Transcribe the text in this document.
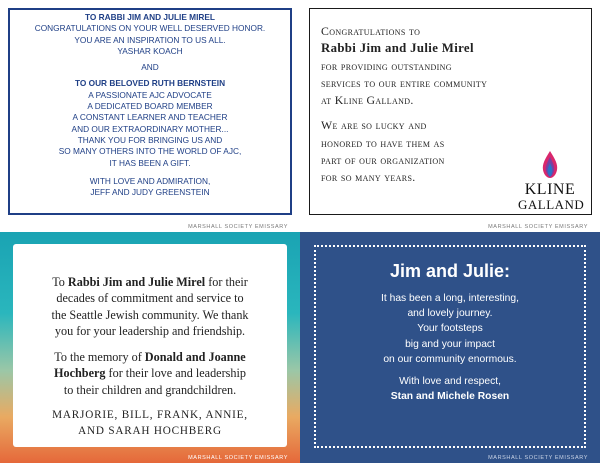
TO RABBI JIM AND JULIE MIREL
CONGRATULATIONS ON YOUR WELL DESERVED HONOR.
YOU ARE AN INSPIRATION TO US ALL.
YASHAR KOACH
AND
TO OUR BELOVED RUTH BERNSTEIN
A PASSIONATE AJC ADVOCATE
A DEDICATED BOARD MEMBER
A CONSTANT LEARNER AND TEACHER
AND OUR EXTRAORDINARY MOTHER...
THANK YOU FOR BRINGING US AND
SO MANY OTHERS INTO THE WORLD OF AJC,
IT HAS BEEN A GIFT.
WITH LOVE AND ADMIRATION,
JEFF AND JUDY GREENSTEIN
MARSHALL SOCIETY EMISSARY
Congratulations to
Rabbi Jim and Julie Mirel
for providing outstanding
services to our entire community
at Kline Galland.
We are so lucky and
honored to have them as
part of our organization
for so many years.
KLINE
GALLAND
MARSHALL SOCIETY EMISSARY
To Rabbi Jim and Julie Mirel for their
decades of commitment and service to
the Seattle Jewish community. We thank
you for your leadership and friendship.
To the memory of Donald and Joanne
Hochberg for their love and leadership
to their children and grandchildren.
MARJORIE, BILL, FRANK, ANNIE,
AND SARAH HOCHBERG
MARSHALL SOCIETY EMISSARY
Jim and Julie:
It has been a long, interesting,
and lovely journey.
Your footsteps
big and your impact
on our community enormous.
With love and respect,
Stan and Michele Rosen
MARSHALL SOCIETY EMISSARY
